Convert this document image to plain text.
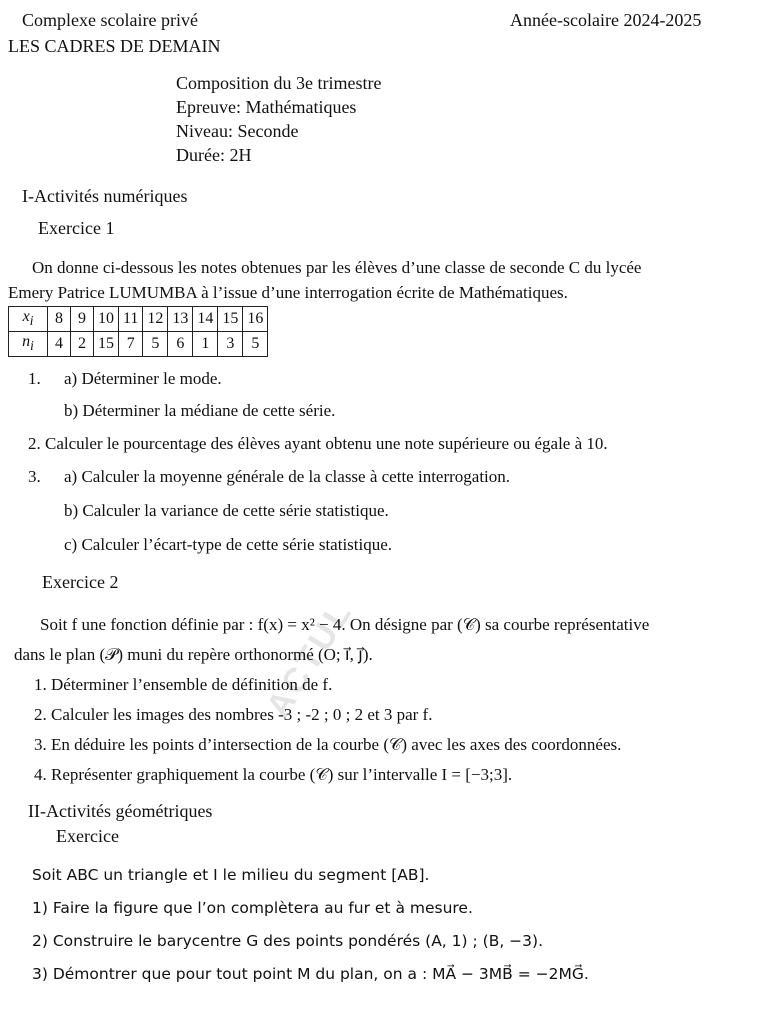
Complexe scolaire privé
LES CADRES DE DEMAIN
Année-scolaire 2024-2025
Composition du 3e trimestre
Epreuve: Mathématiques
Niveau: Seconde
Durée: 2H
I-Activités numériques
Exercice 1
On donne ci-dessous les notes obtenues par les élèves d’une classe de seconde C du lycée
Emery Patrice LUMUMBA à l’issue d’une interrogation écrite de Mathématiques.
$x_i$	8	9	10	11	12	13	14	15	16
$n_i$	4	2	15	7	5	6	1	3	5
1. a) Déterminer le mode.
b) Déterminer la médiane de cette série.
2. Calculer le pourcentage des élèves ayant obtenu une note supérieure ou égale à 10.
3. a) Calculer la moyenne générale de la classe à cette interrogation.
b) Calculer la variance de cette série statistique.
c) Calculer l’écart-type de cette série statistique.
Exercice 2
Soit f une fonction définie par : f(x) = x² − 4. On désigne par (𝒞) sa courbe représentative
dans le plan (𝒫) muni du repère orthonormé (O; i⃗, j⃗).
1. Déterminer l’ensemble de définition de f.
2. Calculer les images des nombres -3 ; -2 ; 0 ; 2 et 3 par f.
3. En déduire les points d’intersection de la courbe (𝒞) avec les axes des coordonnées.
4. Représenter graphiquement la courbe (𝒞) sur l’intervalle I = [−3;3].
ACTUL
II-Activités géométriques
Exercice
Soit ABC un triangle et I le milieu du segment [AB].
1) Faire la figure que l’on complètera au fur et à mesure.
2) Construire le barycentre G des points pondérés (A, 1) ; (B, −3).
3) Démontrer que pour tout point M du plan, on a : MA⃗ − 3MB⃗ = −2MG⃗.
